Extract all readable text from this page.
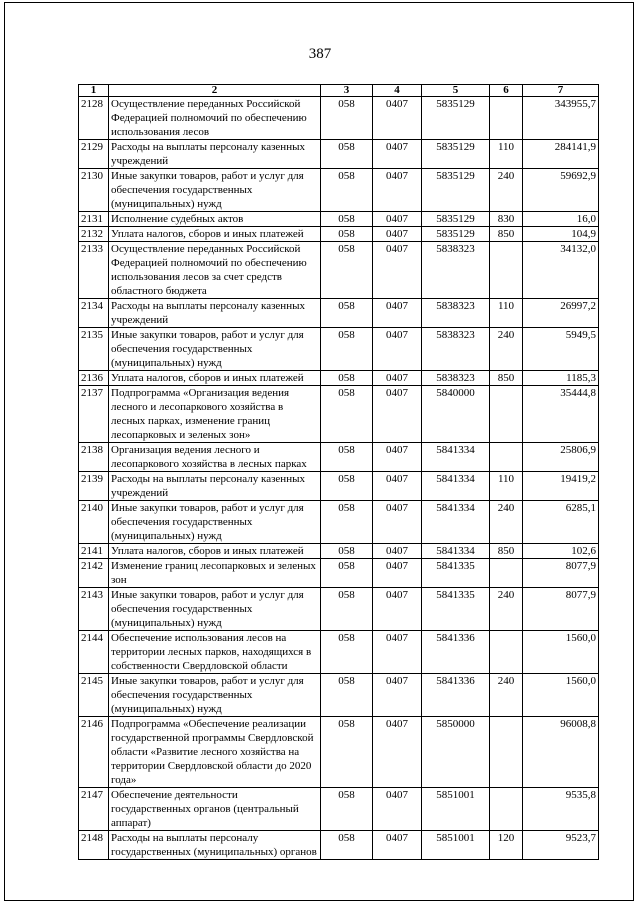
387
1	2	3	4	5	6	7
2128	Осуществление переданных Российской Федерацией полномочий по обеспечению использования лесов	058	0407	5835129		343955,7
2129	Расходы на выплаты персоналу казенных учреждений	058	0407	5835129	110	284141,9
2130	Иные закупки товаров, работ и услуг для обеспечения государственных (муниципальных) нужд	058	0407	5835129	240	59692,9
2131	Исполнение судебных актов	058	0407	5835129	830	16,0
2132	Уплата налогов, сборов и иных платежей	058	0407	5835129	850	104,9
2133	Осуществление переданных Российской Федерацией полномочий по обеспечению использования лесов за счет средств областного бюджета	058	0407	5838323		34132,0
2134	Расходы на выплаты персоналу казенных учреждений	058	0407	5838323	110	26997,2
2135	Иные закупки товаров, работ и услуг для обеспечения государственных (муниципальных) нужд	058	0407	5838323	240	5949,5
2136	Уплата налогов, сборов и иных платежей	058	0407	5838323	850	1185,3
2137	Подпрограмма «Организация ведения лесного и лесопаркового хозяйства в лесных парках, изменение границ лесопарковых и зеленых зон»	058	0407	5840000		35444,8
2138	Организация ведения лесного и лесопаркового хозяйства в лесных парках	058	0407	5841334		25806,9
2139	Расходы на выплаты персоналу казенных учреждений	058	0407	5841334	110	19419,2
2140	Иные закупки товаров, работ и услуг для обеспечения государственных (муниципальных) нужд	058	0407	5841334	240	6285,1
2141	Уплата налогов, сборов и иных платежей	058	0407	5841334	850	102,6
2142	Изменение границ лесопарковых и зеленых зон	058	0407	5841335		8077,9
2143	Иные закупки товаров, работ и услуг для обеспечения государственных (муниципальных) нужд	058	0407	5841335	240	8077,9
2144	Обеспечение использования лесов на территории лесных парков, находящихся в собственности Свердловской области	058	0407	5841336		1560,0
2145	Иные закупки товаров, работ и услуг для обеспечения государственных (муниципальных) нужд	058	0407	5841336	240	1560,0
2146	Подпрограмма «Обеспечение реализации государственной программы Свердловской области «Развитие лесного хозяйства на территории Свердловской области до 2020 года»	058	0407	5850000		96008,8
2147	Обеспечение деятельности государственных органов (центральный аппарат)	058	0407	5851001		9535,8
2148	Расходы на выплаты персоналу государственных (муниципальных) органов	058	0407	5851001	120	9523,7
